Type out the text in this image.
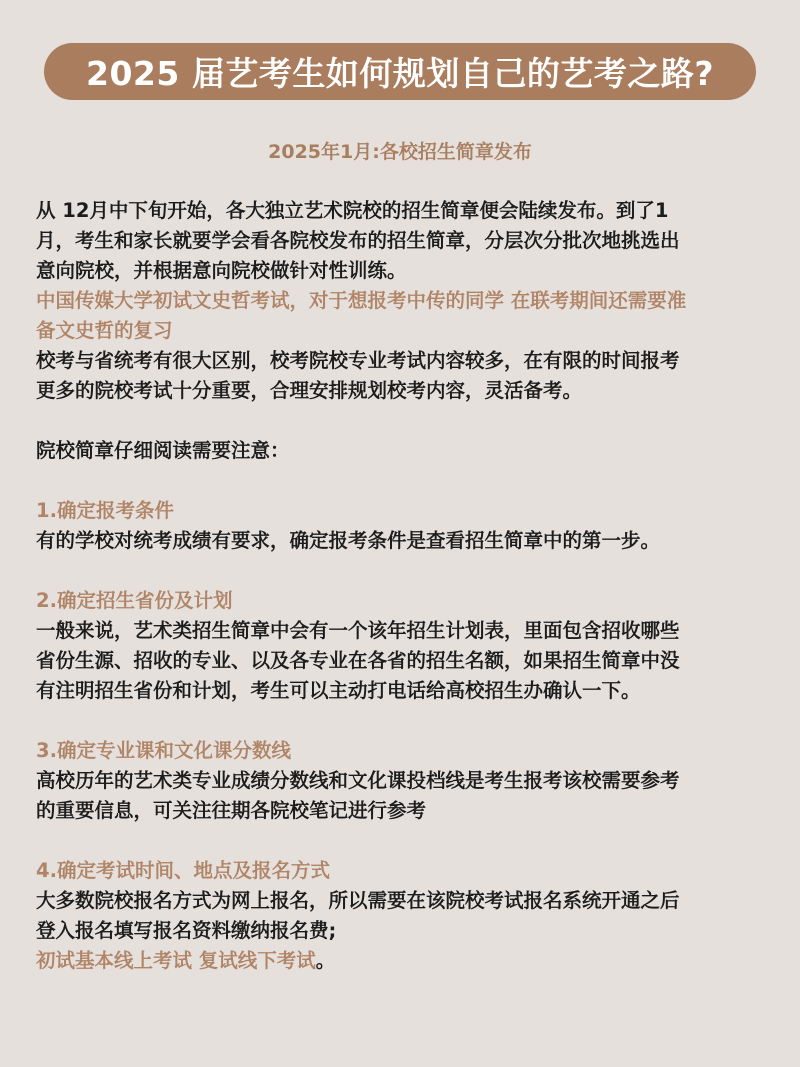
2025 届艺考生如何规划自己的艺考之路?
2025年1月:各校招生简章发布

从 12月中下旬开始，各大独立艺术院校的招生简章便会陆续发布。到了1

月，考生和家长就要学会看各院校发布的招生简章，分层次分批次地挑选出

意向院校，并根据意向院校做针对性训练。

中国传媒大学初试文史哲考试，对于想报考中传的同学 在联考期间还需要准

备文史哲的复习

校考与省统考有很大区别，校考院校专业考试内容较多，在有限的时间报考

更多的院校考试十分重要，合理安排规划校考内容，灵活备考。

院校简章仔细阅读需要注意：

1.确定报考条件

有的学校对统考成绩有要求，确定报考条件是查看招生简章中的第一步。

2.确定招生省份及计划

一般来说，艺术类招生简章中会有一个该年招生计划表，里面包含招收哪些

省份生源、招收的专业、以及各专业在各省的招生名额，如果招生简章中没

有注明招生省份和计划，考生可以主动打电话给高校招生办确认一下。

3.确定专业课和文化课分数线

高校历年的艺术类专业成绩分数线和文化课投档线是考生报考该校需要参考

的重要信息，可关注往期各院校笔记进行参考

4.确定考试时间、地点及报名方式

大多数院校报名方式为网上报名，所以需要在该院校考试报名系统开通之后

登入报名填写报名资料缴纳报名费;

初试基本线上考试 复试线下考试。
